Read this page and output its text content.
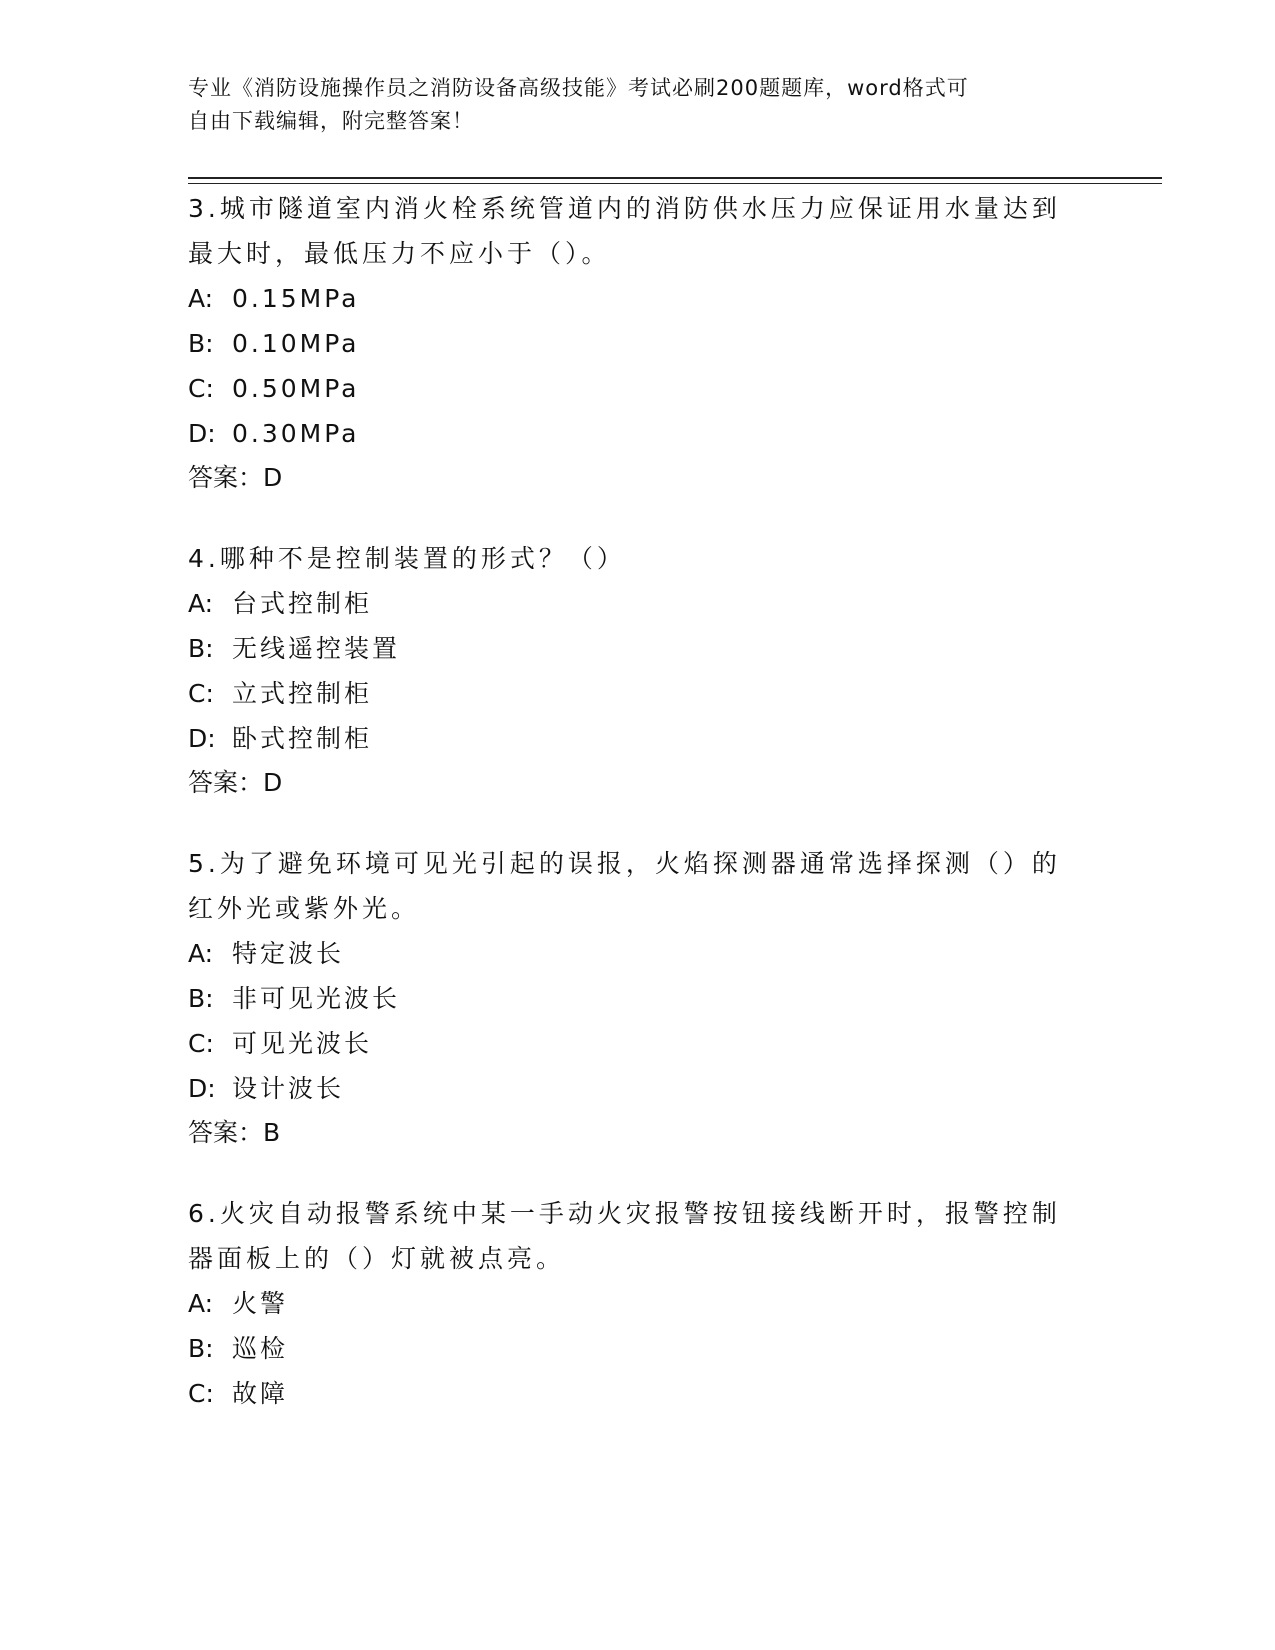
专业《消防设施操作员之消防设备高级技能》考试必刷200题题库，word格式可
自由下载编辑，附完整答案！
3.城市隧道室内消火栓系统管道内的消防供水压力应保证用水量达到
最大时，最低压力不应小于（）。
A: 0.15MPa
B: 0.10MPa
C: 0.50MPa
D: 0.30MPa
答案：D
4.哪种不是控制装置的形式？（）
A: 台式控制柜
B: 无线遥控装置
C: 立式控制柜
D: 卧式控制柜
答案：D
5.为了避免环境可见光引起的误报，火焰探测器通常选择探测（）的
红外光或紫外光。
A: 特定波长
B: 非可见光波长
C: 可见光波长
D: 设计波长
答案：B
6.火灾自动报警系统中某一手动火灾报警按钮接线断开时，报警控制
器面板上的（）灯就被点亮。
A: 火警
B: 巡检
C: 故障
